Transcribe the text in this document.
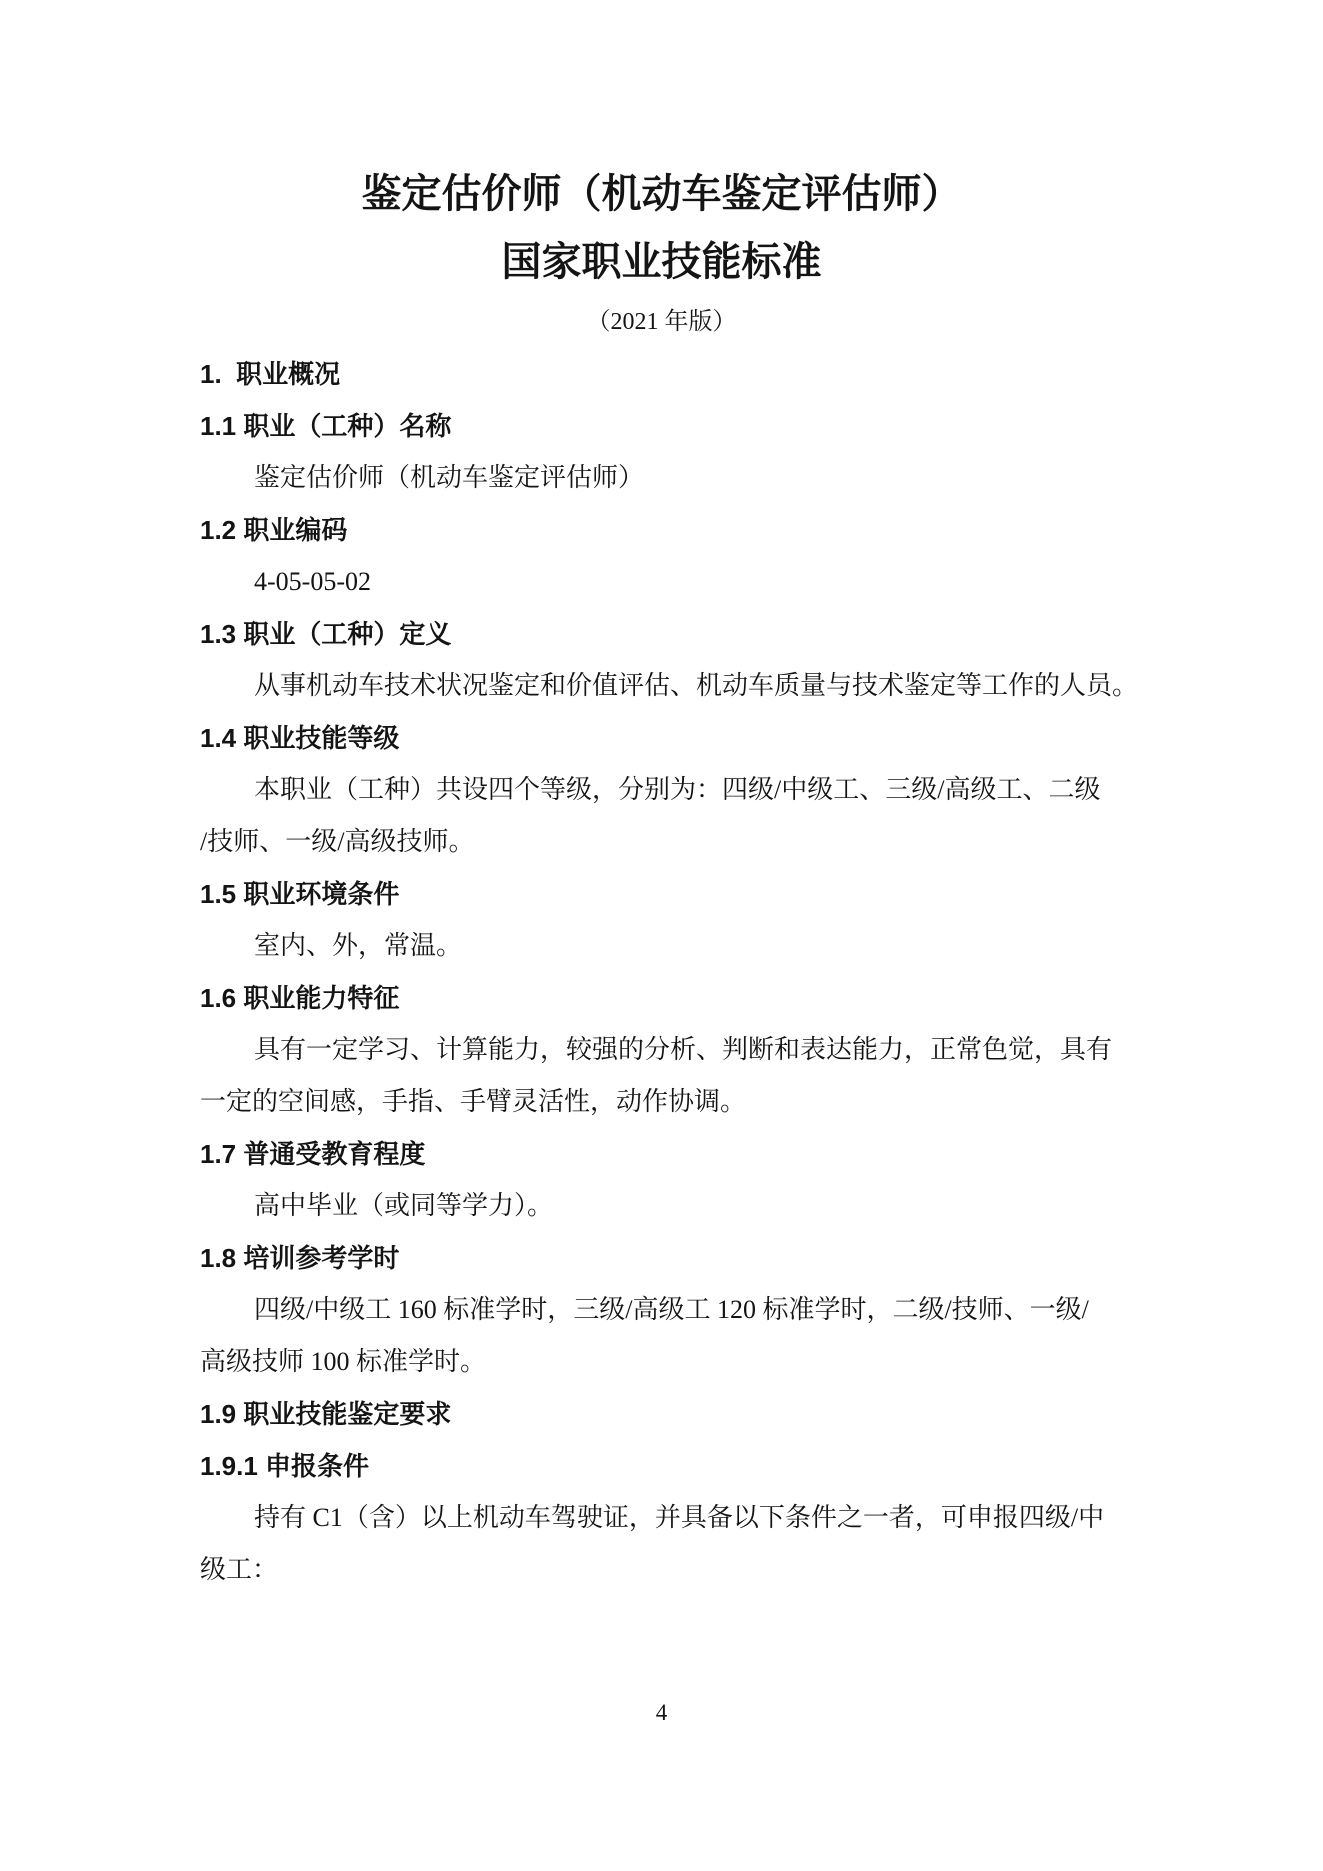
鉴定估价师（机动车鉴定评估师）
国家职业技能标准
（2021 年版）
1.  职业概况
1.1 职业（工种）名称
鉴定估价师（机动车鉴定评估师）
1.2 职业编码
4-05-05-02
1.3 职业（工种）定义
从事机动车技术状况鉴定和价值评估、机动车质量与技术鉴定等工作的人员。
1.4 职业技能等级
本职业（工种）共设四个等级，分别为：四级/中级工、三级/高级工、二级
/技师、一级/高级技师。
1.5 职业环境条件
室内、外，常温。
1.6 职业能力特征
具有一定学习、计算能力，较强的分析、判断和表达能力，正常色觉，具有
一定的空间感，手指、手臂灵活性，动作协调。
1.7 普通受教育程度
高中毕业（或同等学力）。
1.8 培训参考学时
四级/中级工 160 标准学时，三级/高级工 120 标准学时，二级/技师、一级/
高级技师 100 标准学时。
1.9 职业技能鉴定要求
1.9.1 申报条件
持有 C1（含）以上机动车驾驶证，并具备以下条件之一者，可申报四级/中
级工：
4
